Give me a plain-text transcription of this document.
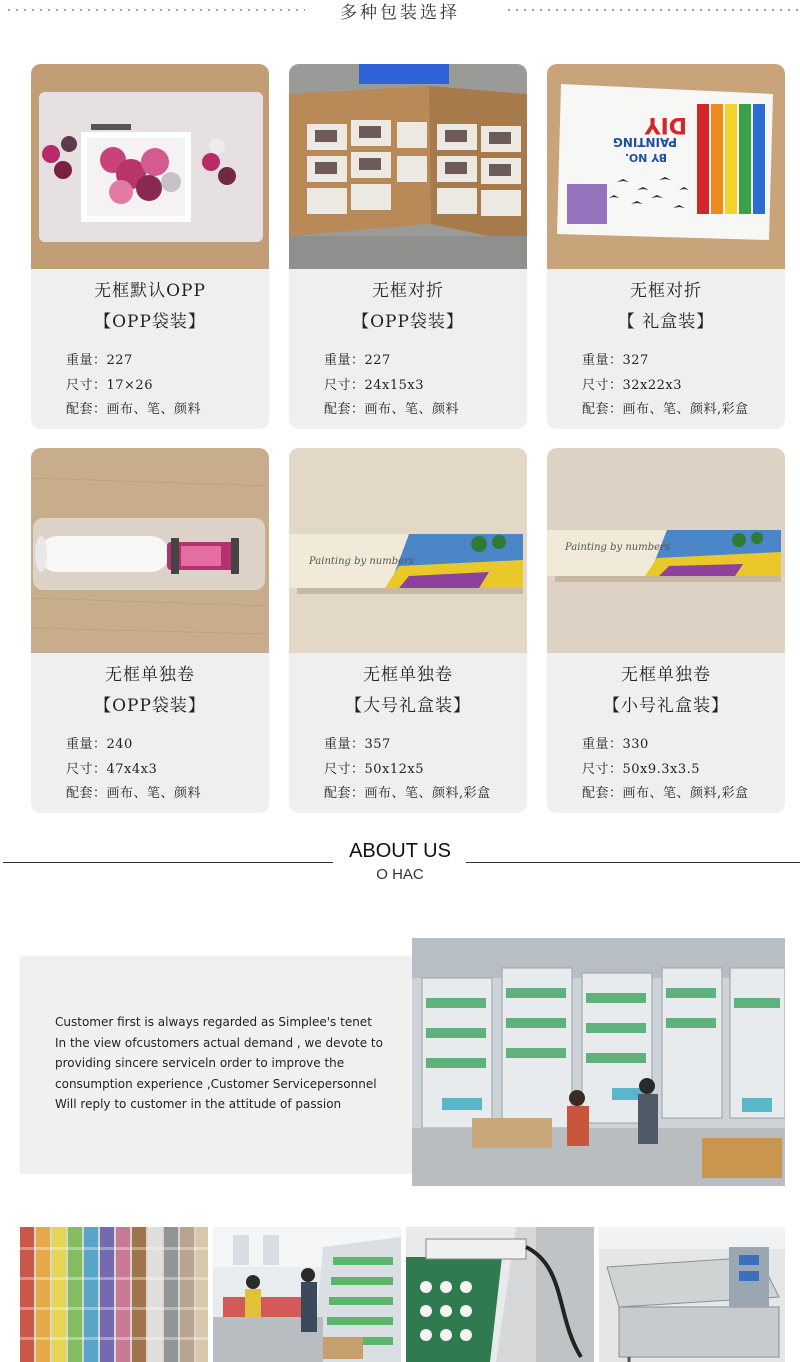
多种包装选择
无框默认OPP
【OPP袋装】
重量：227
尺寸：17×26
配套：画布、笔、颜料
无框对折
【OPP袋装】
重量：227
尺寸：24x15x3
配套：画布、笔、颜料
DIY
PAINTING
BY NO.
无框对折
【 礼盒装】
重量：327
尺寸：32x22x3
配套：画布、笔、颜料,彩盒
无框单独卷
【OPP袋装】
重量：240
尺寸：47x4x3
配套：画布、笔、颜料
Painting by numbers
无框单独卷
【大号礼盒装】
重量：357
尺寸：50x12x5
配套：画布、笔、颜料,彩盒
Painting by numbers
无框单独卷
【小号礼盒装】
重量：330
尺寸：50x9.3x3.5
配套：画布、笔、颜料,彩盒
ABOUT US
O HAC
Customer first is always regarded as Simplee's tenet In the view ofcustomers actual demand , we devote to providing sincere serviceln order to improve the consumption experience ,Customer Servicepersonnel Will reply to customer in the attitude of passion
